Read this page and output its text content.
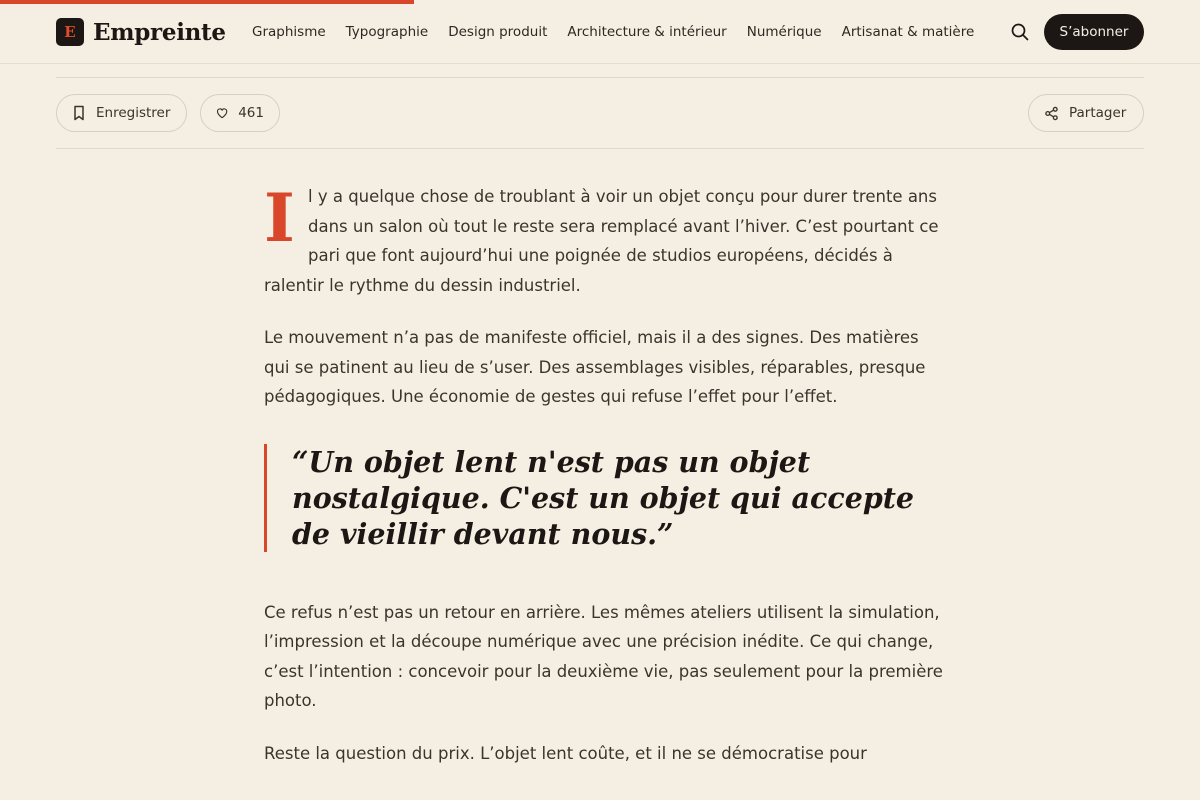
E Empreinte Graphisme Typographie Design produit Architecture & intérieur Numérique Artisanat & matière	S’abonner
Enregistrer	461	Partager

Il y a quelque chose de troublant à voir un objet conçu pour durer trente ans dans un salon où tout le reste sera remplacé avant l’hiver. C’est pourtant ce pari que font aujourd’hui une poignée de studios européens, décidés à ralentir le rythme du dessin industriel.

Le mouvement n’a pas de manifeste officiel, mais il a des signes. Des matières qui se patinent au lieu de s’user. Des assemblages visibles, réparables, presque pédagogiques. Une économie de gestes qui refuse l’effet pour l’effet.

“Un objet lent n'est pas un objet nostalgique. C'est un objet qui accepte de vieillir devant nous.”

Ce refus n’est pas un retour en arrière. Les mêmes ateliers utilisent la simulation, l’impression et la découpe numérique avec une précision inédite. Ce qui change, c’est l’intention : concevoir pour la deuxième vie, pas seulement pour la première photo.

Reste la question du prix. L’objet lent coûte, et il ne se démocratise pour
